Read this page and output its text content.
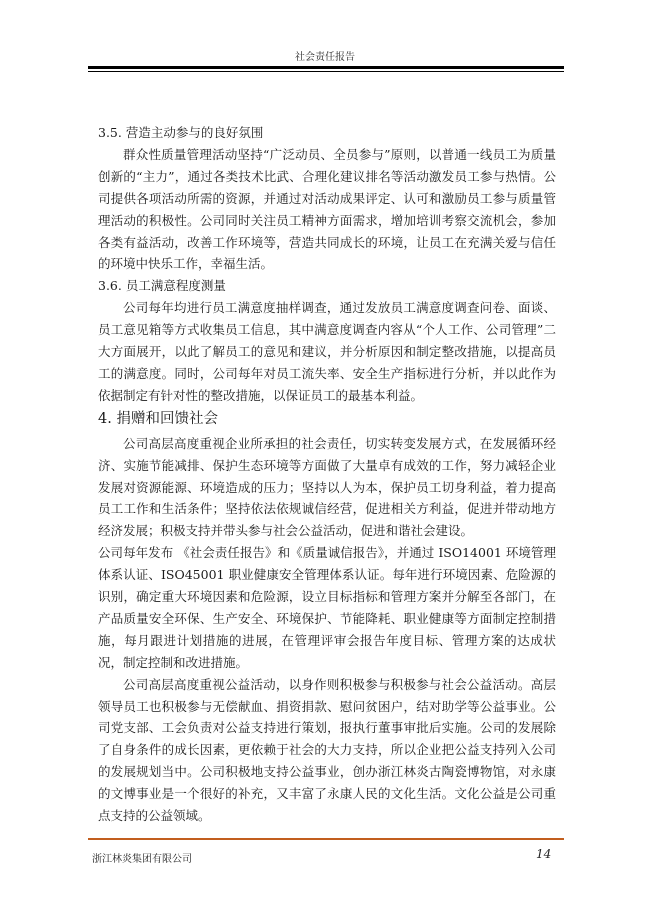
社会责任报告
3.5. 营造主动参与的良好氛围

群众性质量管理活动坚持“广泛动员、全员参与”原则，以普通一线员工为质量创新的“主力”，通过各类技术比武、合理化建议排名等活动激发员工参与热情。公司提供各项活动所需的资源，并通过对活动成果评定、认可和激励员工参与质量管理活动的积极性。公司同时关注员工精神方面需求，增加培训考察交流机会，参加各类有益活动，改善工作环境等，营造共同成长的环境，让员工在充满关爱与信任的环境中快乐工作，幸福生活。

3.6. 员工满意程度测量

公司每年均进行员工满意度抽样调查，通过发放员工满意度调查问卷、面谈、员工意见箱等方式收集员工信息，其中满意度调查内容从“个人工作、公司管理”二大方面展开，以此了解员工的意见和建议，并分析原因和制定整改措施，以提高员工的满意度。同时，公司每年对员工流失率、安全生产指标进行分析，并以此作为依据制定有针对性的整改措施，以保证员工的最基本利益。

4. 捐赠和回馈社会

公司高层高度重视企业所承担的社会责任，切实转变发展方式，在发展循环经济、实施节能减排、保护生态环境等方面做了大量卓有成效的工作，努力减轻企业发展对资源能源、环境造成的压力；坚持以人为本，保护员工切身利益，着力提高员工工作和生活条件；坚持依法依规诚信经营，促进相关方利益，促进并带动地方经济发展；积极支持并带头参与社会公益活动，促进和谐社会建设。

公司每年发布 《社会责任报告》和《质量诚信报告》，并通过 ISO14001 环境管理体系认证、ISO45001 职业健康安全管理体系认证。每年进行环境因素、危险源的识别，确定重大环境因素和危险源，设立目标指标和管理方案并分解至各部门，在产品质量安全环保、生产安全、环境保护、节能降耗、职业健康等方面制定控制措施，每月跟进计划措施的进展，在管理评审会报告年度目标、管理方案的达成状况，制定控制和改进措施。

公司高层高度重视公益活动，以身作则积极参与积极参与社会公益活动。高层领导员工也积极参与无偿献血、捐资捐款、慰问贫困户，结对助学等公益事业。公司党支部、工会负责对公益支持进行策划，报执行董事审批后实施。公司的发展除了自身条件的成长因素，更依赖于社会的大力支持，所以企业把公益支持列入公司的发展规划当中。公司积极地支持公益事业，创办浙江林炎古陶瓷博物馆，对永康的文博事业是一个很好的补充，又丰富了永康人民的文化生活。文化公益是公司重点支持的公益领域。

浙江林炎集团有限公司	14
